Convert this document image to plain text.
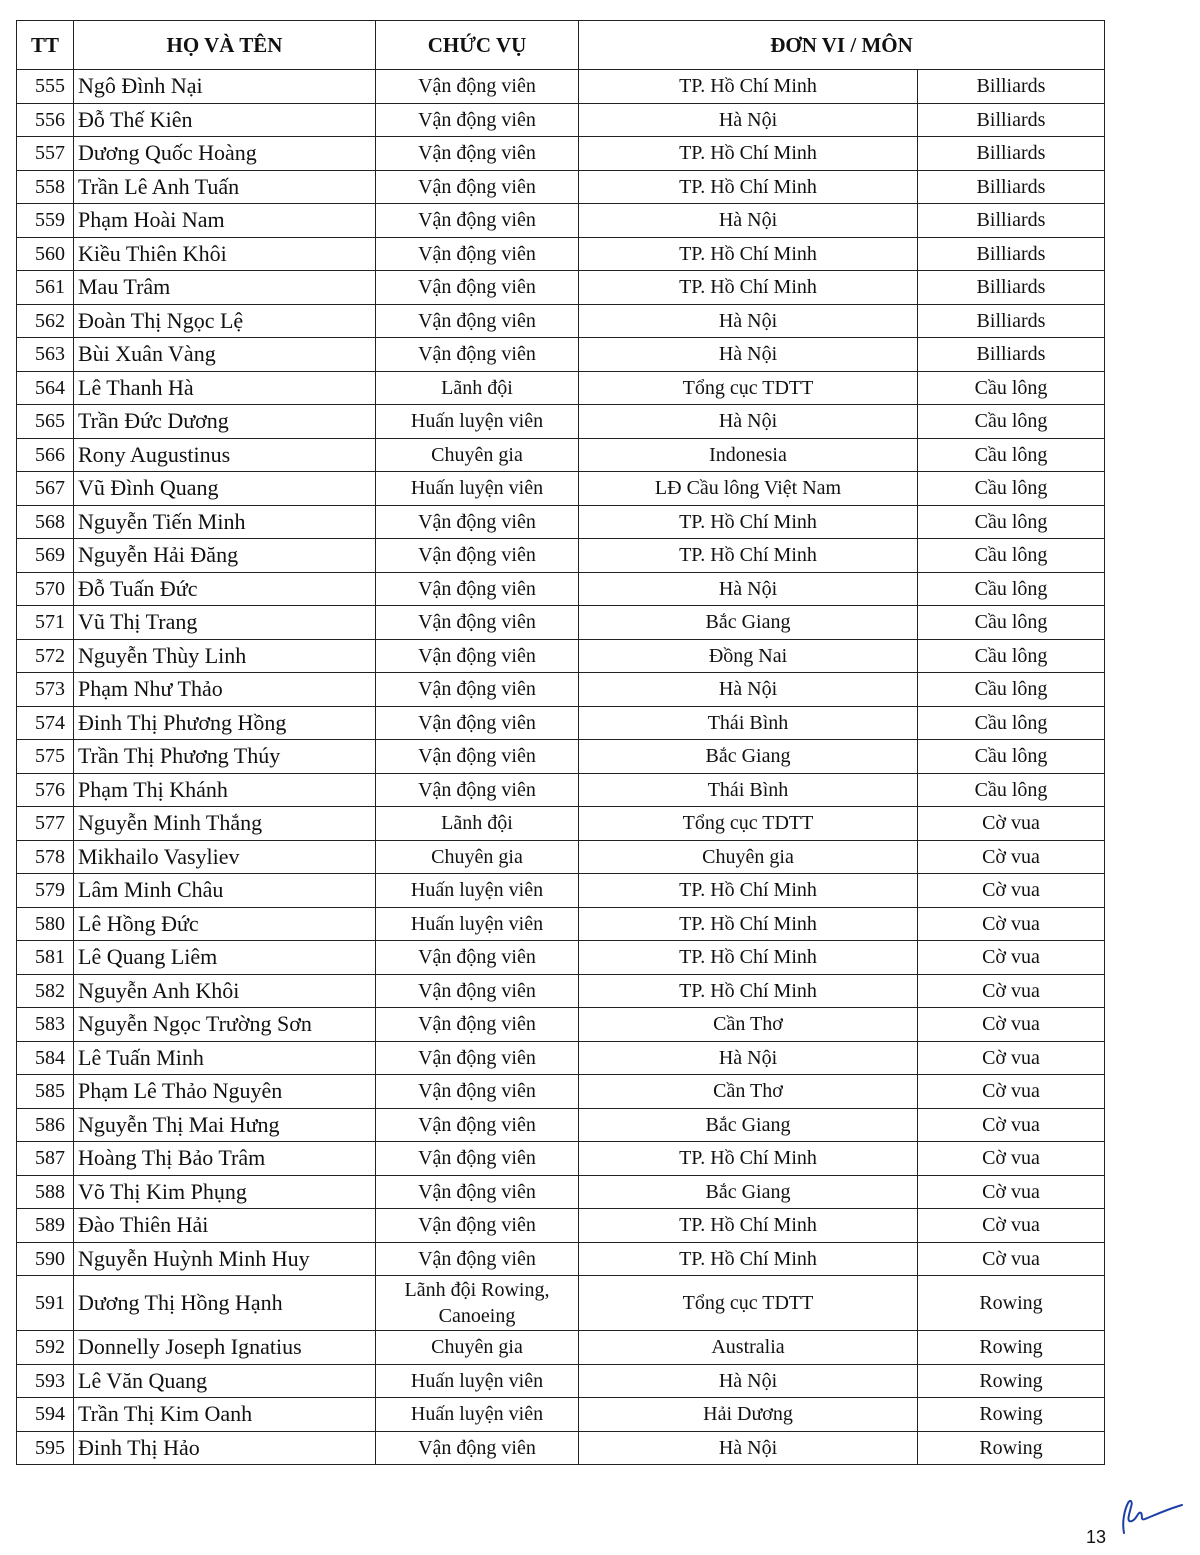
TT	HỌ VÀ TÊN	CHỨC VỤ	ĐƠN VI / MÔN	
555	Ngô Đình Nại	Vận động viên	TP. Hồ Chí Minh	Billiards
556	Đỗ Thế Kiên	Vận động viên	Hà Nội	Billiards
557	Dương Quốc Hoàng	Vận động viên	TP. Hồ Chí Minh	Billiards
558	Trần Lê Anh Tuấn	Vận động viên	TP. Hồ Chí Minh	Billiards
559	Phạm Hoài Nam	Vận động viên	Hà Nội	Billiards
560	Kiều Thiên Khôi	Vận động viên	TP. Hồ Chí Minh	Billiards
561	Mau Trâm	Vận động viên	TP. Hồ Chí Minh	Billiards
562	Đoàn Thị Ngọc Lệ	Vận động viên	Hà Nội	Billiards
563	Bùi Xuân Vàng	Vận động viên	Hà Nội	Billiards
564	Lê Thanh Hà	Lãnh đội	Tổng cục TDTT	Cầu lông
565	Trần Đức Dương	Huấn luyện viên	Hà Nội	Cầu lông
566	Rony Augustinus	Chuyên gia	Indonesia	Cầu lông
567	Vũ Đình Quang	Huấn luyện viên	LĐ Cầu lông Việt Nam	Cầu lông
568	Nguyễn Tiến Minh	Vận động viên	TP. Hồ Chí Minh	Cầu lông
569	Nguyễn Hải Đăng	Vận động viên	TP. Hồ Chí Minh	Cầu lông
570	Đỗ Tuấn Đức	Vận động viên	Hà Nội	Cầu lông
571	Vũ Thị Trang	Vận động viên	Bắc Giang	Cầu lông
572	Nguyễn Thùy Linh	Vận động viên	Đồng Nai	Cầu lông
573	Phạm Như Thảo	Vận động viên	Hà Nội	Cầu lông
574	Đinh Thị Phương Hồng	Vận động viên	Thái Bình	Cầu lông
575	Trần Thị Phương Thúy	Vận động viên	Bắc Giang	Cầu lông
576	Phạm Thị Khánh	Vận động viên	Thái Bình	Cầu lông
577	Nguyễn Minh Thắng	Lãnh đội	Tổng cục TDTT	Cờ vua
578	Mikhailo Vasyliev	Chuyên gia	Chuyên gia	Cờ vua
579	Lâm Minh Châu	Huấn luyện viên	TP. Hồ Chí Minh	Cờ vua
580	Lê Hồng Đức	Huấn luyện viên	TP. Hồ Chí Minh	Cờ vua
581	Lê Quang Liêm	Vận động viên	TP. Hồ Chí Minh	Cờ vua
582	Nguyễn Anh Khôi	Vận động viên	TP. Hồ Chí Minh	Cờ vua
583	Nguyễn Ngọc Trường Sơn	Vận động viên	Cần Thơ	Cờ vua
584	Lê Tuấn Minh	Vận động viên	Hà Nội	Cờ vua
585	Phạm Lê Thảo Nguyên	Vận động viên	Cần Thơ	Cờ vua
586	Nguyễn Thị Mai Hưng	Vận động viên	Bắc Giang	Cờ vua
587	Hoàng Thị Bảo Trâm	Vận động viên	TP. Hồ Chí Minh	Cờ vua
588	Võ Thị Kim Phụng	Vận động viên	Bắc Giang	Cờ vua
589	Đào Thiên Hải	Vận động viên	TP. Hồ Chí Minh	Cờ vua
590	Nguyễn Huỳnh Minh Huy	Vận động viên	TP. Hồ Chí Minh	Cờ vua
591	Dương Thị Hồng Hạnh	Lãnh đội Rowing, Canoeing	Tổng cục TDTT	Rowing
592	Donnelly Joseph Ignatius	Chuyên gia	Australia	Rowing
593	Lê Văn Quang	Huấn luyện viên	Hà Nội	Rowing
594	Trần Thị Kim Oanh	Huấn luyện viên	Hải Dương	Rowing
595	Đinh Thị Hảo	Vận động viên	Hà Nội	Rowing
13
